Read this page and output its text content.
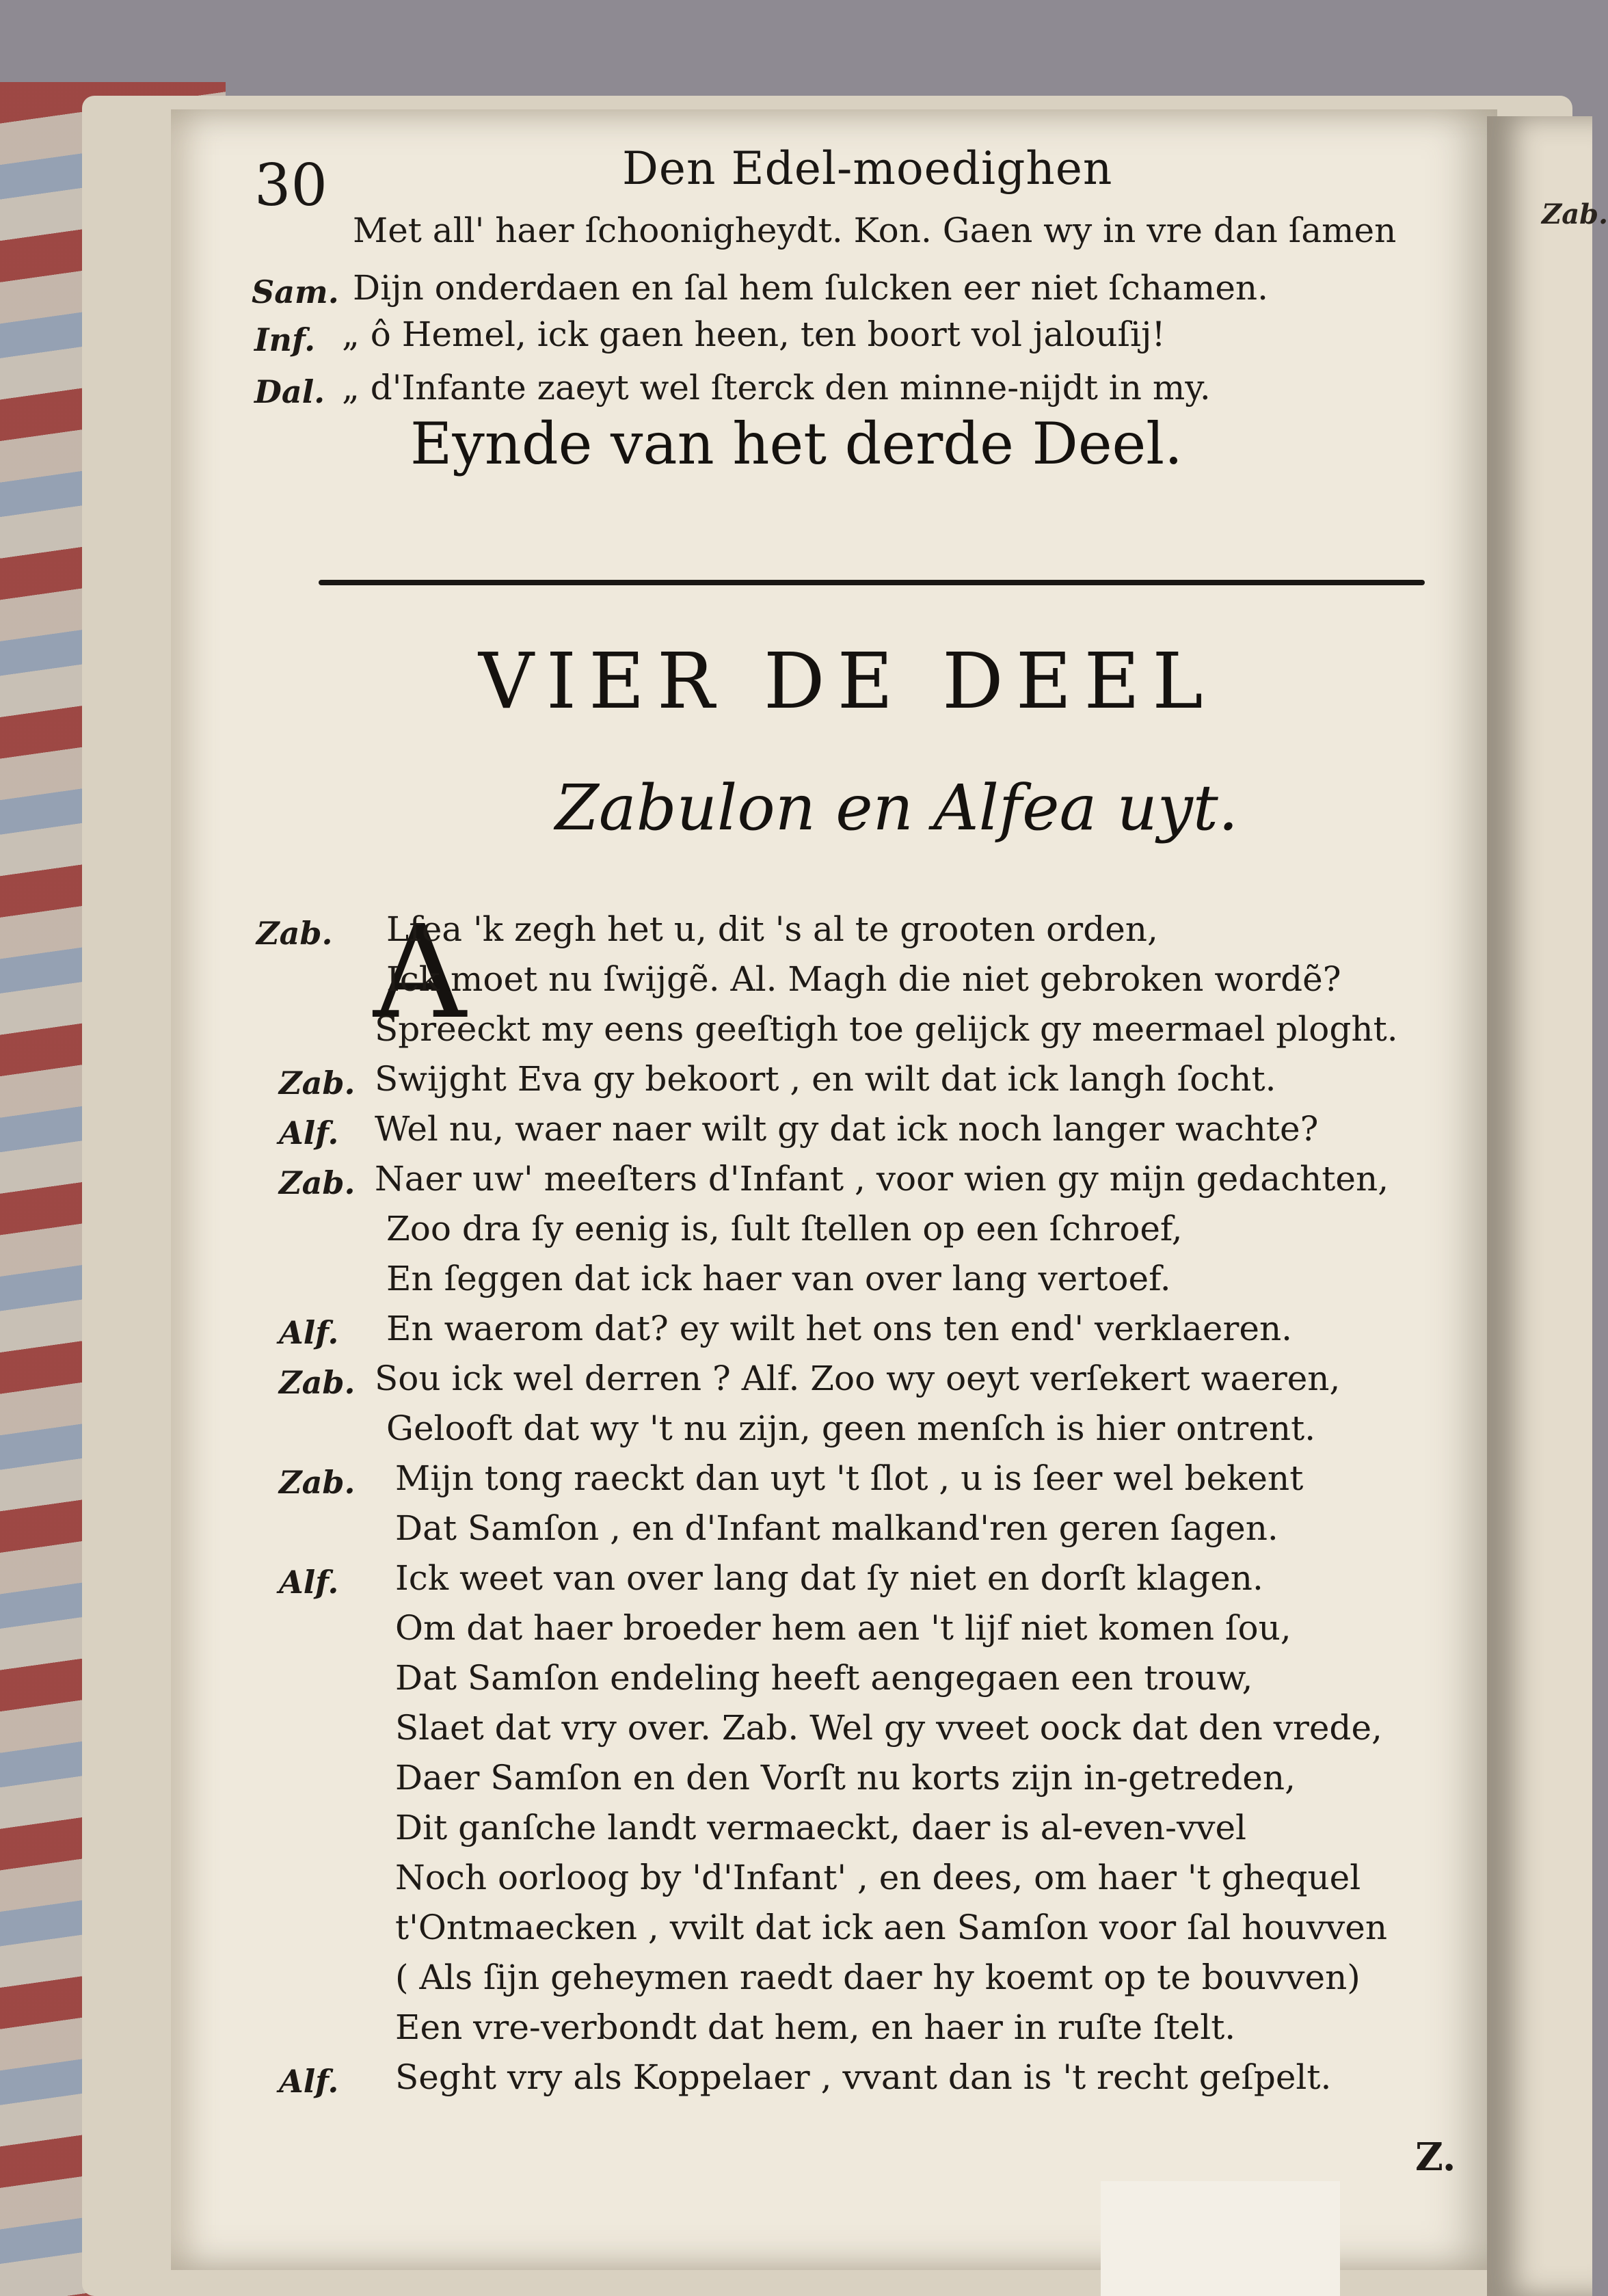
Zab.
30	Den Edel-moedighen
Met all' haer ſchoonigheydt. Kon. Gaen wy in vre dan ſamen
Sam. Dijn onderdaen en ſal hem ſulcken eer niet ſchamen.
Inf. „ ô Hemel, ick gaen heen, ten boort vol jalouſij!
Dal. „ d'Infante zaeyt wel ſterck den minne-nijdt in my.
Eynde van het derde Deel.
VIER DE DEEL
Zabulon en Alfea uyt.
A
Zab. Lfea 'k zegh het u, dit 's al te grooten orden,
Ick moet nu ſwijgẽ. Al. Magh die niet gebroken wordẽ?
Spreeckt my eens geeſtigh toe gelijck gy meermael ploght.
Zab. Swijght Eva gy bekoort , en wilt dat ick langh ſocht.
Alf. Wel nu, waer naer wilt gy dat ick noch langer wachte?
Zab. Naer uw' meeſters d'Infant , voor wien gy mijn gedachten,
Zoo dra ſy eenig is, ſult ſtellen op een ſchroef,
En ſeggen dat ick haer van over lang vertoef.
Alf. En waerom dat? ey wilt het ons ten end' verklaeren.
Zab. Sou ick wel derren ? Alf. Zoo wy oeyt verſekert waeren,
Gelooft dat wy 't nu zijn, geen menſch is hier ontrent.
Zab. Mijn tong raeckt dan uyt 't ſlot , u is ſeer wel bekent
Dat Samſon , en d'Infant malkand'ren geren ſagen.
Alf. Ick weet van over lang dat ſy niet en dorſt klagen.
Om dat haer broeder hem aen 't lijf niet komen ſou,
Dat Samſon endeling heeft aengegaen een trouw,
Slaet dat vry over. Zab. Wel gy vveet oock dat den vrede,
Daer Samſon en den Vorſt nu korts zijn in-getreden,
Dit ganſche landt vermaeckt, daer is al-even-vvel
Noch oorloog by 'd'Infant' , en dees, om haer 't ghequel
t'Ontmaecken , vvilt dat ick aen Samſon voor ſal houvven
( Als ſijn geheymen raedt daer hy koemt op te bouvven)
Een vre-verbondt dat hem, en haer in ruſte ſtelt.
Alf. Seght vry als Koppelaer , vvant dan is 't recht geſpelt.
Z.
